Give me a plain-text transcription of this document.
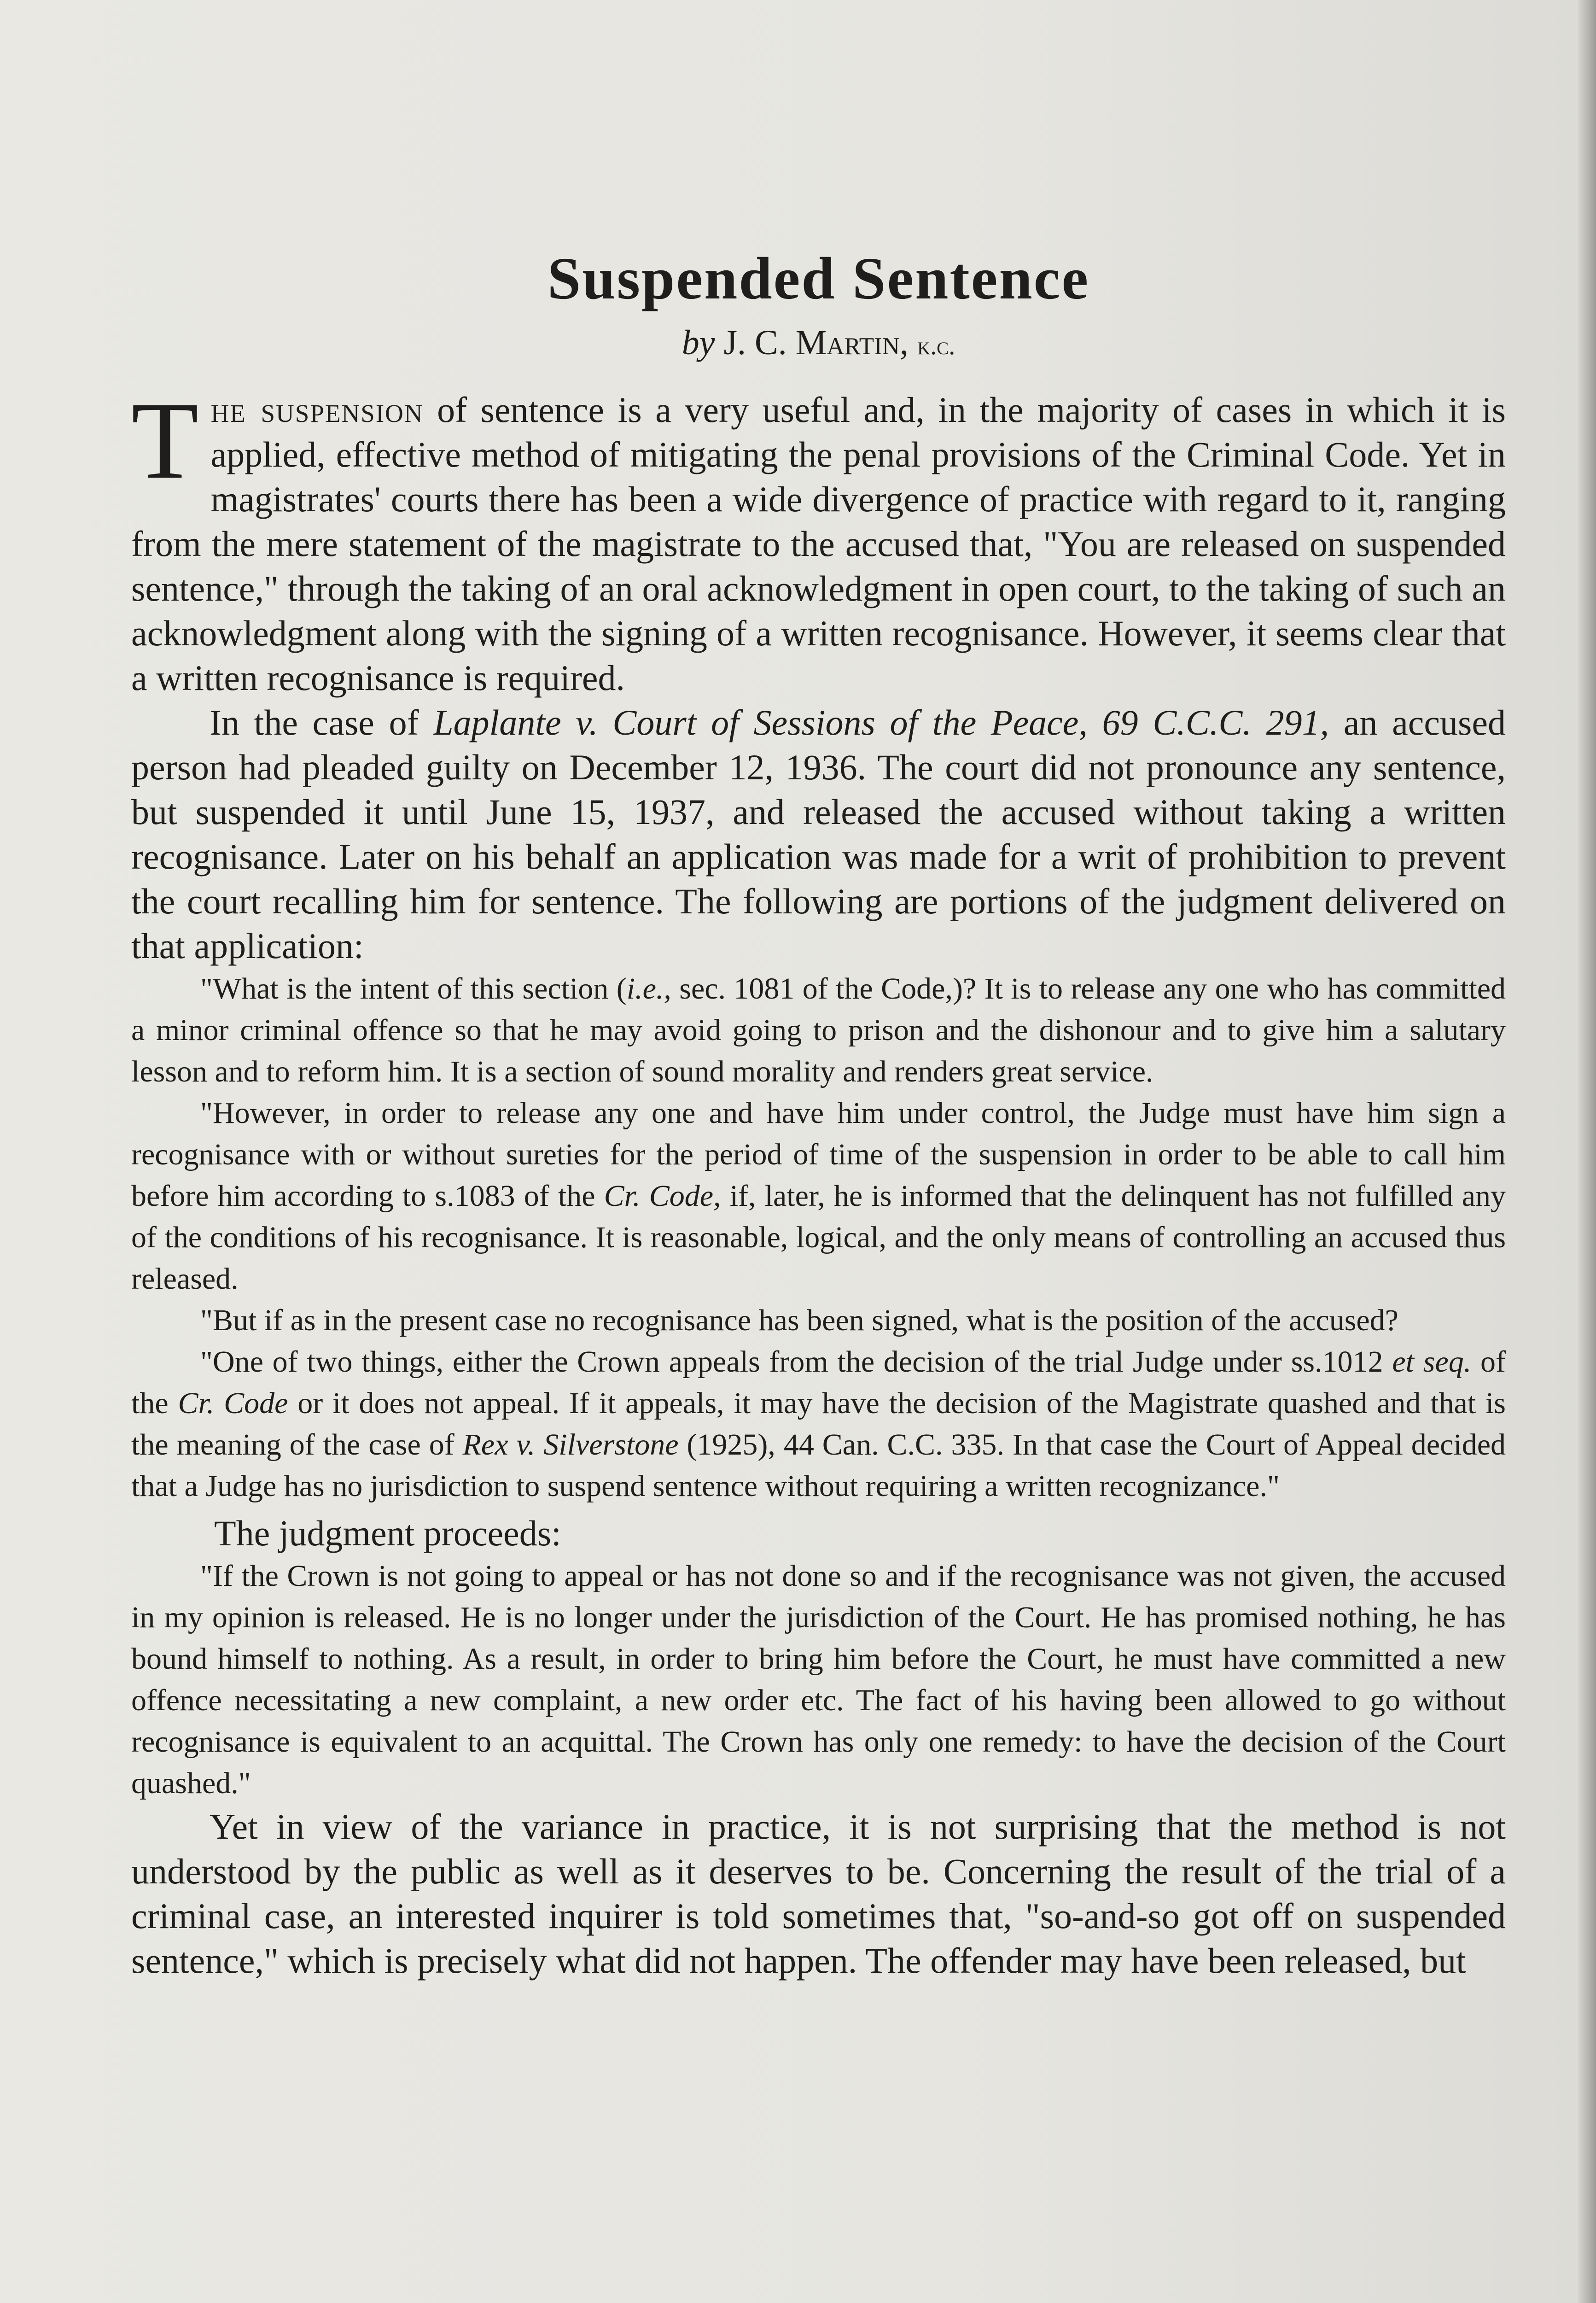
Suspended Sentence
by J. C. Martin, k.c.

The suspension of sentence is a very useful and, in the majority of cases in which it is applied, effective method of mitigating the penal provisions of the Criminal Code. Yet in magistrates' courts there has been a wide divergence of practice with regard to it, ranging from the mere statement of the magistrate to the accused that, "You are released on suspended sentence," through the taking of an oral acknowledgment in open court, to the taking of such an acknowledgment along with the signing of a written recognisance. However, it seems clear that a written recognisance is required.

In the case of Laplante v. Court of Sessions of the Peace, 69 C.C.C. 291, an accused person had pleaded guilty on December 12, 1936. The court did not pronounce any sentence, but suspended it until June 15, 1937, and released the accused without taking a written recognisance. Later on his behalf an application was made for a writ of prohibition to prevent the court recalling him for sentence. The following are portions of the judgment delivered on that application:

"What is the intent of this section (i.e., sec. 1081 of the Code,)? It is to release any one who has committed a minor criminal offence so that he may avoid going to prison and the dishonour and to give him a salutary lesson and to reform him. It is a section of sound morality and renders great service.

"However, in order to release any one and have him under control, the Judge must have him sign a recognisance with or without sureties for the period of time of the suspension in order to be able to call him before him according to s.1083 of the Cr. Code, if, later, he is informed that the delinquent has not fulfilled any of the conditions of his recognisance. It is reasonable, logical, and the only means of controlling an accused thus released.

"But if as in the present case no recognisance has been signed, what is the position of the accused?

"One of two things, either the Crown appeals from the decision of the trial Judge under ss.1012 et seq. of the Cr. Code or it does not appeal. If it appeals, it may have the decision of the Magistrate quashed and that is the meaning of the case of Rex v. Silverstone (1925), 44 Can. C.C. 335. In that case the Court of Appeal decided that a Judge has no jurisdiction to suspend sentence without requiring a written recognizance."

The judgment proceeds:

"If the Crown is not going to appeal or has not done so and if the recognisance was not given, the accused in my opinion is released. He is no longer under the jurisdiction of the Court. He has promised nothing, he has bound himself to nothing. As a result, in order to bring him before the Court, he must have committed a new offence necessitating a new complaint, a new order etc. The fact of his having been allowed to go without recognisance is equivalent to an acquittal. The Crown has only one remedy: to have the decision of the Court quashed."

Yet in view of the variance in practice, it is not surprising that the method is not understood by the public as well as it deserves to be. Concerning the result of the trial of a criminal case, an interested inquirer is told sometimes that, "so-and-so got off on suspended sentence," which is precisely what did not happen. The offender may have been released, but
